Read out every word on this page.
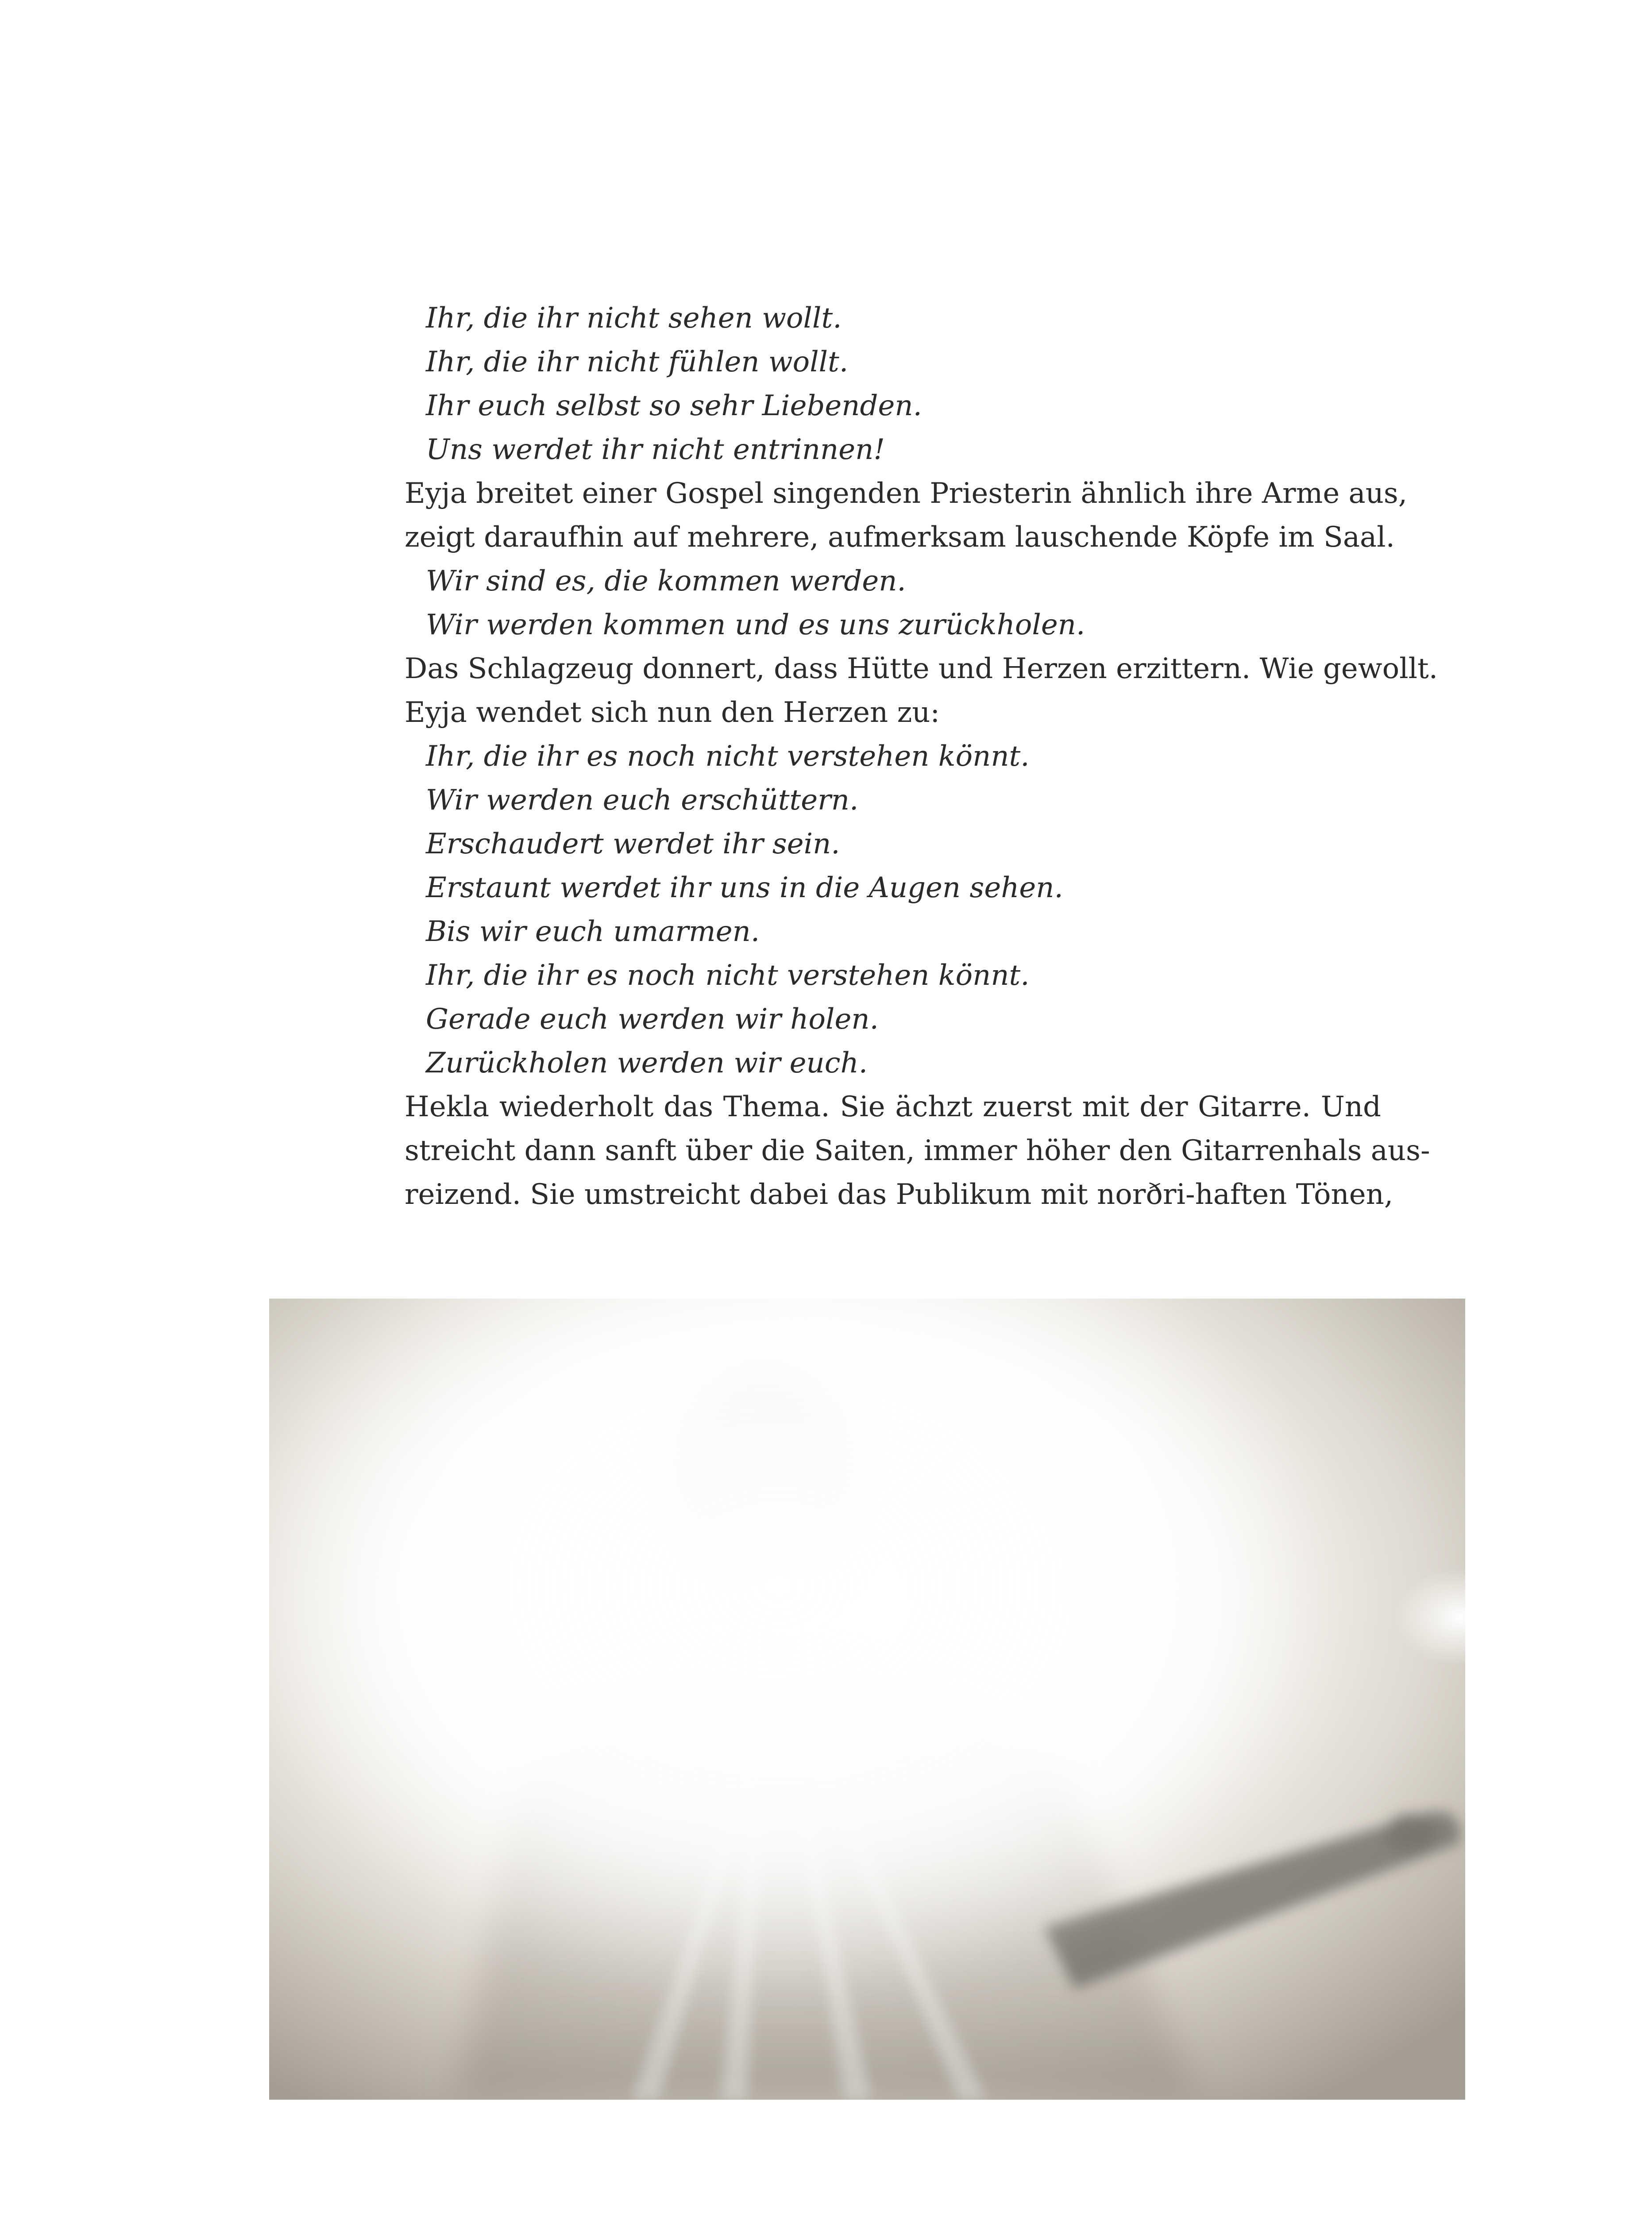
Ihr, die ihr nicht sehen wollt.
Ihr, die ihr nicht fühlen wollt.
Ihr euch selbst so sehr Liebenden.
Uns werdet ihr nicht entrinnen!
Eyja breitet einer Gospel singenden Priesterin ähnlich ihre Arme aus,
zeigt daraufhin auf mehrere, aufmerksam lauschende Köpfe im Saal.
Wir sind es, die kommen werden.
Wir werden kommen und es uns zurückholen.
Das Schlagzeug donnert, dass Hütte und Herzen erzittern. Wie gewollt.
Eyja wendet sich nun den Herzen zu:
Ihr, die ihr es noch nicht verstehen könnt.
Wir werden euch erschüttern.
Erschaudert werdet ihr sein.
Erstaunt werdet ihr uns in die Augen sehen.
Bis wir euch umarmen.
Ihr, die ihr es noch nicht verstehen könnt.
Gerade euch werden wir holen.
Zurückholen werden wir euch.
Hekla wiederholt das Thema. Sie ächzt zuerst mit der Gitarre. Und
streicht dann sanft über die Saiten, immer höher den Gitarrenhals aus-
reizend. Sie umstreicht dabei das Publikum mit norðri-haften Tönen,
